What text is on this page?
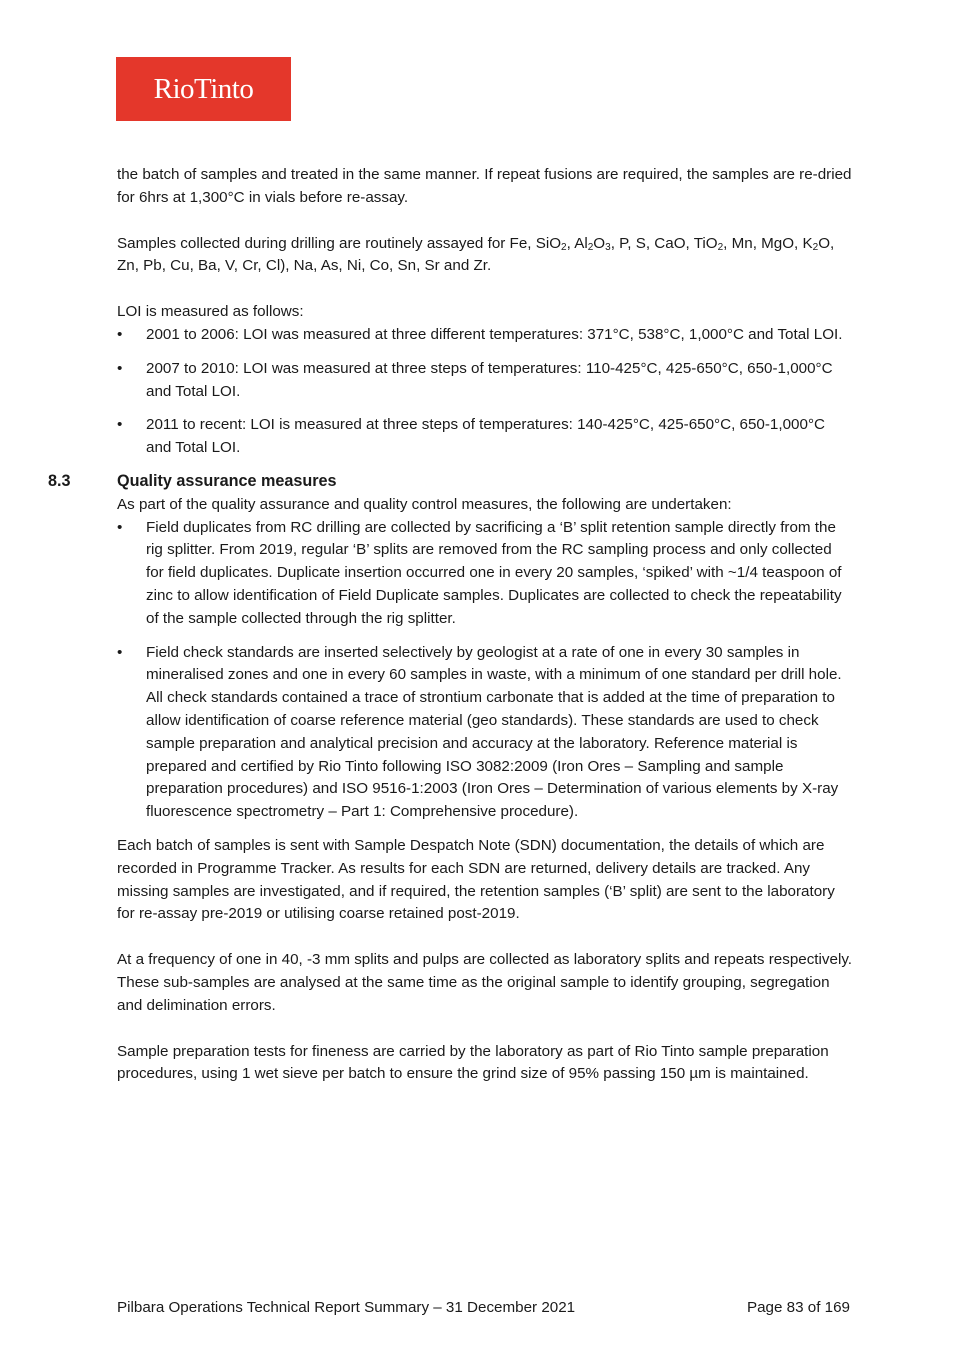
RioTinto

the batch of samples and treated in the same manner. If repeat fusions are required, the samples are re-dried for 6hrs at 1,300°C in vials before re-assay.

Samples collected during drilling are routinely assayed for Fe, SiO$_2$, $Al_2O_3$, P, S, CaO, TiO$_2$, Mn, MgO, $K_2O$, Zn, Pb, Cu, Ba, V, Cr, Cl), Na, As, Ni, Co, Sn, Sr and Zr.

LOI is measured as follows:

• 2001 to 2006: LOI was measured at three different temperatures: 371°C, 538°C, 1,000°C and Total LOI.
• 2007 to 2010: LOI was measured at three steps of temperatures: 110-425°C, 425-650°C, 650-1,000°C and Total LOI.
• 2011 to recent: LOI is measured at three steps of temperatures: 140-425°C, 425-650°C, 650-1,000°C and Total LOI.
8.3	Quality assurance measures

As part of the quality assurance and quality control measures, the following are undertaken:

• Field duplicates from RC drilling are collected by sacrificing a ‘B’ split retention sample directly from the rig splitter. From 2019, regular ‘B’ splits are removed from the RC sampling process and only collected for field duplicates. Duplicate insertion occurred one in every 20 samples, ‘spiked’ with ~1/4 teaspoon of zinc to allow identification of Field Duplicate samples. Duplicates are collected to check the repeatability of the sample collected through the rig splitter.
• Field check standards are inserted selectively by geologist at a rate of one in every 30 samples in mineralised zones and one in every 60 samples in waste, with a minimum of one standard per drill hole. All check standards contained a trace of strontium carbonate that is added at the time of preparation to allow identification of coarse reference material (geo standards). These standards are used to check sample preparation and analytical precision and accuracy at the laboratory. Reference material is prepared and certified by Rio Tinto following ISO 3082:2009 (Iron Ores – Sampling and sample preparation procedures) and ISO 9516-1:2003 (Iron Ores – Determination of various elements by X-ray fluorescence spectrometry – Part 1: Comprehensive procedure).

Each batch of samples is sent with Sample Despatch Note (SDN) documentation, the details of which are recorded in Programme Tracker. As results for each SDN are returned, delivery details are tracked. Any missing samples are investigated, and if required, the retention samples (‘B’ split) are sent to the laboratory for re-assay pre-2019 or utilising coarse retained post-2019.

At a frequency of one in 40, -3 mm splits and pulps are collected as laboratory splits and repeats respectively. These sub-samples are analysed at the same time as the original sample to identify grouping, segregation and delimination errors.

Sample preparation tests for fineness are carried by the laboratory as part of Rio Tinto sample preparation procedures, using 1 wet sieve per batch to ensure the grind size of 95% passing 150 µm is maintained.

Pilbara Operations Technical Report Summary – 31 December 2021	Page 83 of 169
